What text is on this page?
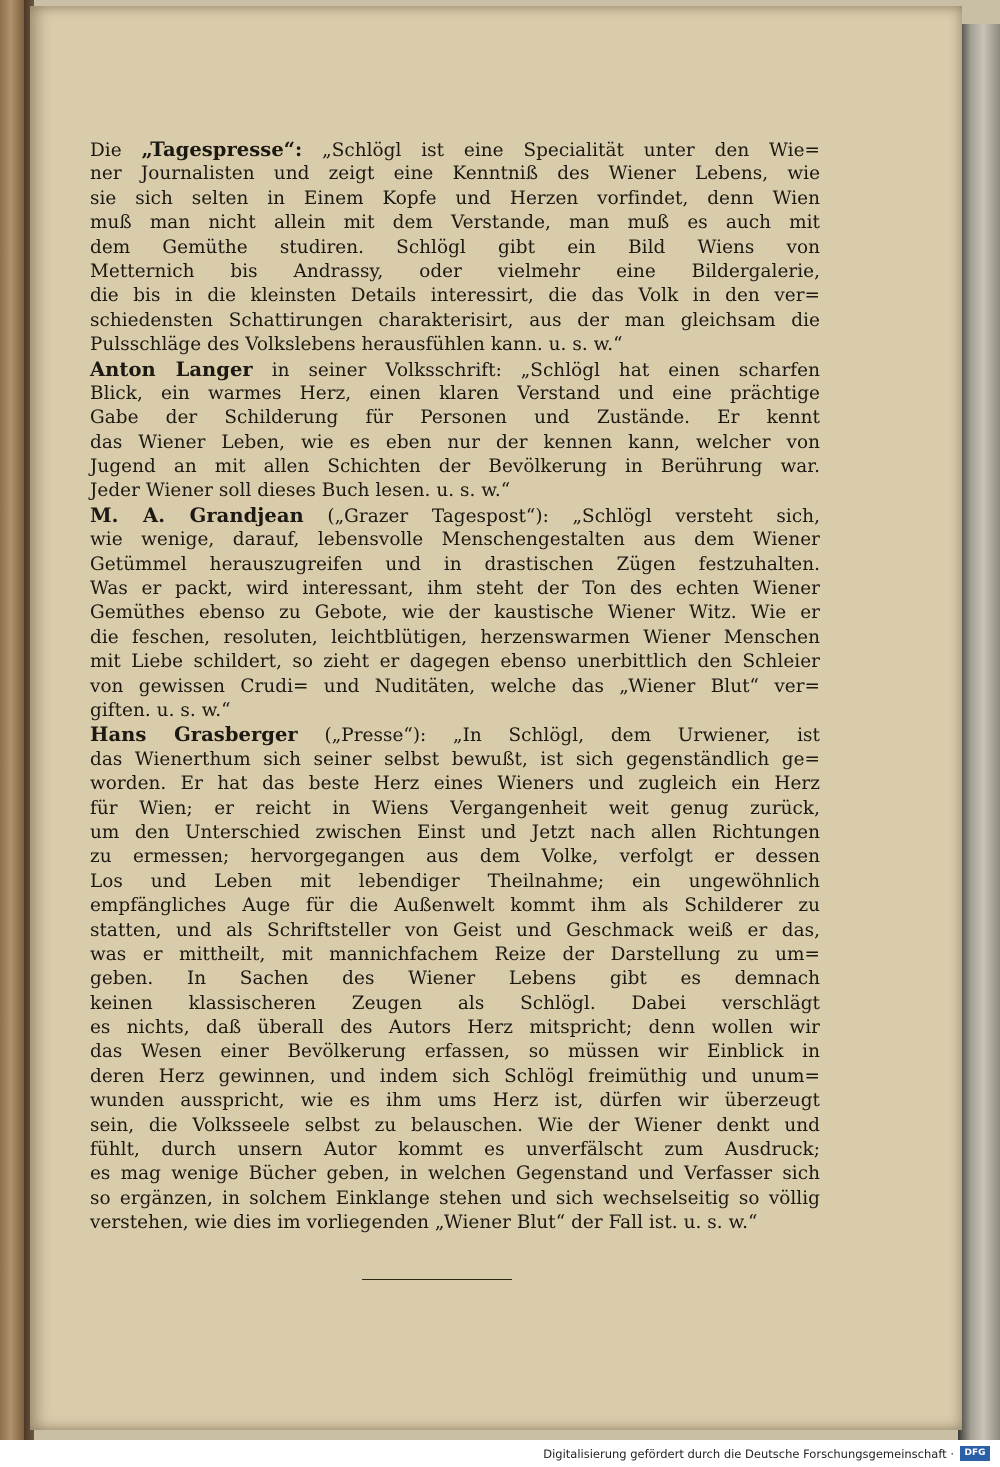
Die „Tagespresse“: „Schlögl ist eine Specialität unter den Wie=
ner Journalisten und zeigt eine Kenntniß des Wiener Lebens, wie
sie sich selten in Einem Kopfe und Herzen vorfindet, denn Wien
muß man nicht allein mit dem Verstande, man muß es auch mit
dem Gemüthe studiren. Schlögl gibt ein Bild Wiens von
Metternich bis Andrassy, oder vielmehr eine Bildergalerie,
die bis in die kleinsten Details interessirt, die das Volk in den ver=
schiedensten Schattirungen charakterisirt, aus der man gleichsam die
Pulsschläge des Volkslebens herausfühlen kann. u. s. w.“
Anton Langer in seiner Volksschrift: „Schlögl hat einen scharfen
Blick, ein warmes Herz, einen klaren Verstand und eine prächtige
Gabe der Schilderung für Personen und Zustände. Er kennt
das Wiener Leben, wie es eben nur der kennen kann, welcher von
Jugend an mit allen Schichten der Bevölkerung in Berührung war.
Jeder Wiener soll dieses Buch lesen. u. s. w.“
M. A. Grandjean („Grazer Tagespost“): „Schlögl versteht sich,
wie wenige, darauf, lebensvolle Menschengestalten aus dem Wiener
Getümmel herauszugreifen und in drastischen Zügen festzuhalten.
Was er packt, wird interessant, ihm steht der Ton des echten Wiener
Gemüthes ebenso zu Gebote, wie der kaustische Wiener Witz. Wie er
die feschen, resoluten, leichtblütigen, herzenswarmen Wiener Menschen
mit Liebe schildert, so zieht er dagegen ebenso unerbittlich den Schleier
von gewissen Crudi= und Nuditäten, welche das „Wiener Blut“ ver=
giften. u. s. w.“
Hans Grasberger („Presse“): „In Schlögl, dem Urwiener, ist
das Wienerthum sich seiner selbst bewußt, ist sich gegenständlich ge=
worden. Er hat das beste Herz eines Wieners und zugleich ein Herz
für Wien; er reicht in Wiens Vergangenheit weit genug zurück,
um den Unterschied zwischen Einst und Jetzt nach allen Richtungen
zu ermessen; hervorgegangen aus dem Volke, verfolgt er dessen
Los und Leben mit lebendiger Theilnahme; ein ungewöhnlich
empfängliches Auge für die Außenwelt kommt ihm als Schilderer zu
statten, und als Schriftsteller von Geist und Geschmack weiß er das,
was er mittheilt, mit mannichfachem Reize der Darstellung zu um=
geben. In Sachen des Wiener Lebens gibt es demnach
keinen klassischeren Zeugen als Schlögl. Dabei verschlägt
es nichts, daß überall des Autors Herz mitspricht; denn wollen wir
das Wesen einer Bevölkerung erfassen, so müssen wir Einblick in
deren Herz gewinnen, und indem sich Schlögl freimüthig und unum=
wunden ausspricht, wie es ihm ums Herz ist, dürfen wir überzeugt
sein, die Volksseele selbst zu belauschen. Wie der Wiener denkt und
fühlt, durch unsern Autor kommt es unverfälscht zum Ausdruck;
es mag wenige Bücher geben, in welchen Gegenstand und Verfasser sich
so ergänzen, in solchem Einklange stehen und sich wechselseitig so völlig
verstehen, wie dies im vorliegenden „Wiener Blut“ der Fall ist. u. s. w.“
Digitalisierung gefördert durch die Deutsche Forschungsgemeinschaft ·	DFG
